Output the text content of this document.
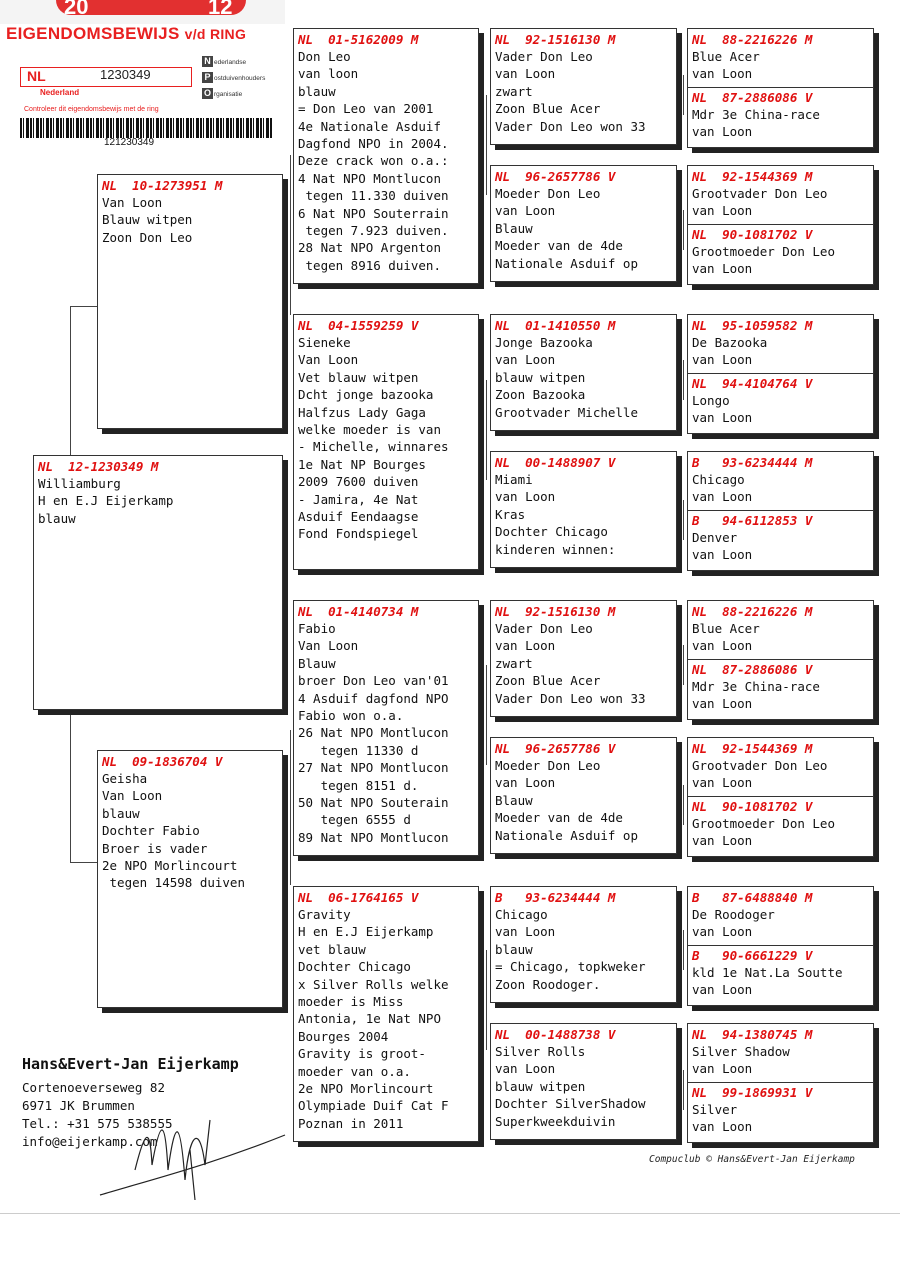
20	12
EIGENDOMSBEWIJS v/d RING
NL	1230349
N ederlandse
P ostduivenhouders
O rganisatie
Nederland
Controleer dit eigendomsbewijs met de ring
121230349
NL  12-1230349 M
Williamburg
H en E.J Eijerkamp
blauw
NL  10-1273951 M
Van Loon
Blauw witpen
Zoon Don Leo
NL  09-1836704 V
Geisha
Van Loon
blauw
Dochter Fabio
Broer is vader
2e NPO Morlincourt
tegen 14598 duiven
NL  01-5162009 M
Don Leo
van loon
blauw
= Don Leo van 2001
4e Nationale Asduif
Dagfond NPO in 2004.
Deze crack won o.a.:
4 Nat NPO Montlucon
tegen 11.330 duiven
6 Nat NPO Souterrain
tegen 7.923 duiven.
28 Nat NPO Argenton
tegen 8916 duiven.
NL  04-1559259 V
Sieneke
Van Loon
Vet blauw witpen
Dcht jonge bazooka
Halfzus Lady Gaga
welke moeder is van
- Michelle, winnares
1e Nat NP Bourges
2009 7600 duiven
- Jamira, 4e Nat
Asduif Eendaagse
Fond Fondspiegel
NL  01-4140734 M
Fabio
Van Loon
Blauw
broer Don Leo van'01
4 Asduif dagfond NPO
Fabio won o.a.
26 Nat NPO Montlucon
tegen 11330 d
27 Nat NPO Montlucon
tegen 8151 d.
50 Nat NPO Souterain
tegen 6555 d
89 Nat NPO Montlucon
NL  06-1764165 V
Gravity
H en E.J Eijerkamp
vet blauw
Dochter Chicago
x Silver Rolls welke
moeder is Miss
Antonia, 1e Nat NPO
Bourges 2004
Gravity is groot-
moeder van o.a.
2e NPO Morlincourt
Olympiade Duif Cat F
Poznan in 2011
NL  92-1516130 M
Vader Don Leo
van Loon
zwart
Zoon Blue Acer
Vader Don Leo won 33
NL  96-2657786 V
Moeder Don Leo
van Loon
Blauw
Moeder van de 4de
Nationale Asduif op
NL  01-1410550 M
Jonge Bazooka
van Loon
blauw witpen
Zoon Bazooka
Grootvader Michelle
NL  00-1488907 V
Miami
van Loon
Kras
Dochter Chicago
kinderen winnen:
NL  92-1516130 M
Vader Don Leo
van Loon
zwart
Zoon Blue Acer
Vader Don Leo won 33
NL  96-2657786 V
Moeder Don Leo
van Loon
Blauw
Moeder van de 4de
Nationale Asduif op
B   93-6234444 M
Chicago
van Loon
blauw
= Chicago, topkweker
Zoon Roodoger.
NL  00-1488738 V
Silver Rolls
van Loon
blauw witpen
Dochter SilverShadow
Superkweekduivin
NL  88-2216226 M
Blue Acer
van Loon
NL  87-2886086 V
Mdr 3e China-race
van Loon
NL  92-1544369 M
Grootvader Don Leo
van Loon
NL  90-1081702 V
Grootmoeder Don Leo
van Loon
NL  95-1059582 M
De Bazooka
van Loon
NL  94-4104764 V
Longo
van Loon
B   93-6234444 M
Chicago
van Loon
B   94-6112853 V
Denver
van Loon
NL  88-2216226 M
Blue Acer
van Loon
NL  87-2886086 V
Mdr 3e China-race
van Loon
NL  92-1544369 M
Grootvader Don Leo
van Loon
NL  90-1081702 V
Grootmoeder Don Leo
van Loon
B   87-6488840 M
De Roodoger
van Loon
B   90-6661229 V
kld 1e Nat.La Soutte
van Loon
NL  94-1380745 M
Silver Shadow
van Loon
NL  99-1869931 V
Silver
van Loon
Hans&Evert-Jan Eijerkamp
Cortenoeverseweg 82
6971 JK Brummen
Tel.: +31 575 538555
info@eijerkamp.com
Compuclub © Hans&Evert-Jan Eijerkamp
